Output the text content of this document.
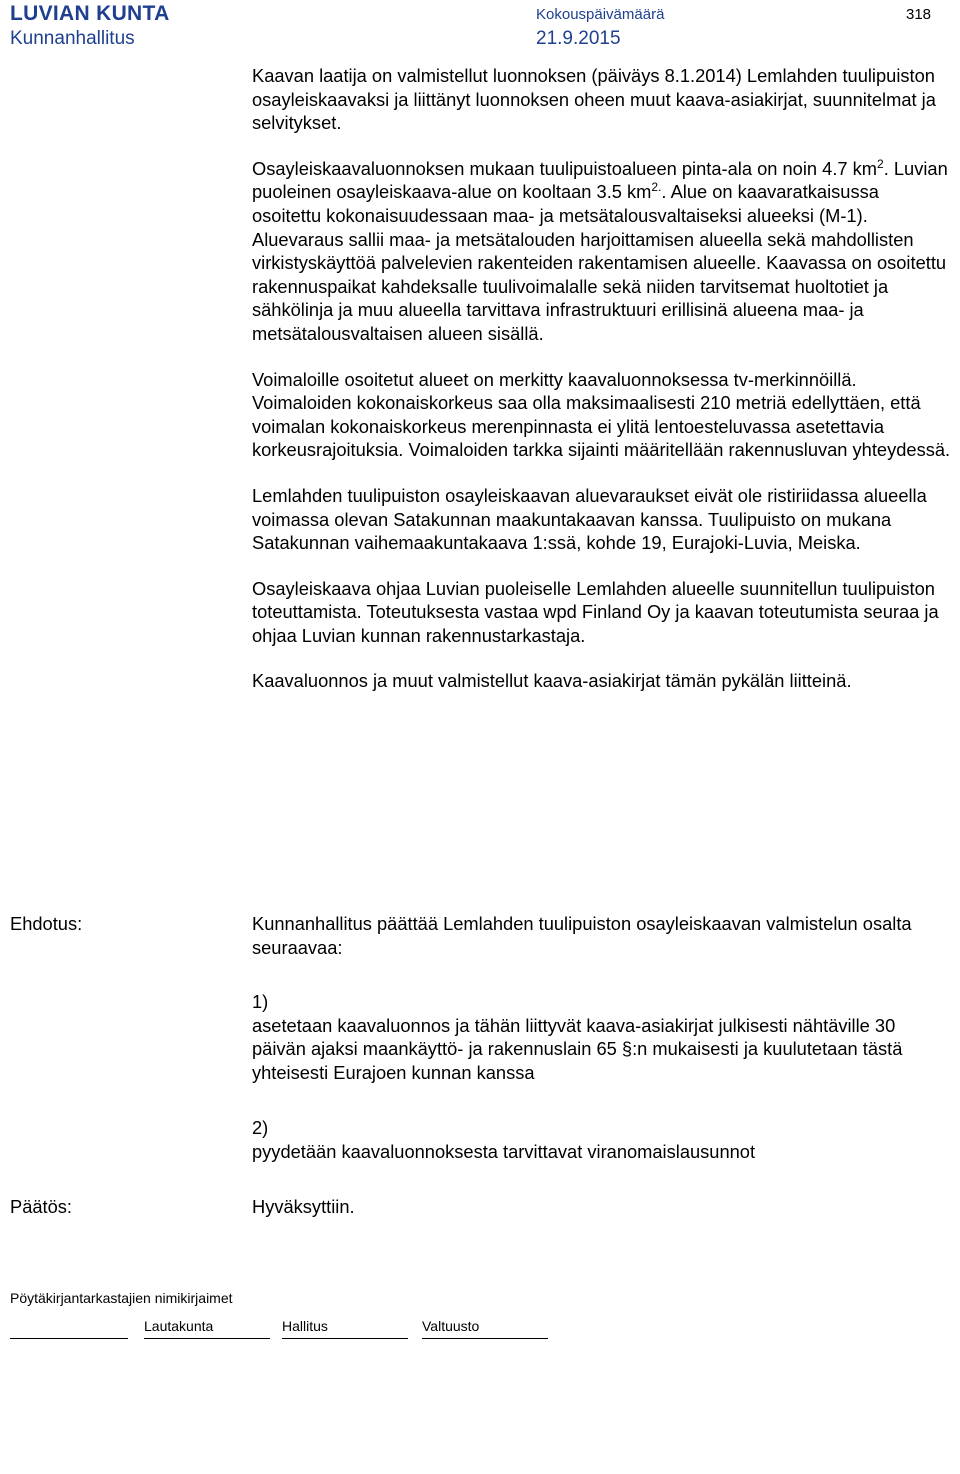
LUVIAN KUNTA
Kunnanhallitus
Kokouspäivämäärä
21.9.2015
318

Kaavan laatija on valmistellut luonnoksen (päiväys 8.1.2014) Lemlahden tuulipuiston osayleiskaavaksi ja liittänyt luonnoksen oheen muut kaava-asiakirjat, suunnitelmat ja selvitykset.

Osayleiskaavaluonnoksen mukaan tuulipuistoalueen pinta-ala on noin 4.7 $km^2$. Luvian puoleinen osayleiskaava-alue on kooltaan 3.5 $km^{2.}$. Alue on kaavaratkaisussa osoitettu kokonaisuudessaan maa- ja metsätalousvaltaiseksi alueeksi (M-1). Aluevaraus sallii maa- ja metsätalouden harjoittamisen alueella sekä mahdollisten virkistyskäyttöä palvelevien rakenteiden rakentamisen alueelle. Kaavassa on osoitettu rakennuspaikat kahdeksalle tuulivoimalalle sekä niiden tarvitsemat huoltotiet ja sähkölinja ja muu alueella tarvittava infrastruktuuri erillisinä alueena maa- ja metsätalousvaltaisen alueen sisällä.

Voimaloille osoitetut alueet on merkitty kaavaluonnoksessa tv-merkinnöillä. Voimaloiden kokonaiskorkeus saa olla maksimaalisesti 210 metriä edellyttäen, että voimalan kokonaiskorkeus merenpinnasta ei ylitä lentoesteluvassa asetettavia korkeusrajoituksia. Voimaloiden tarkka sijainti määritellään rakennusluvan yhteydessä.

Lemlahden tuulipuiston osayleiskaavan aluevaraukset eivät ole ristiriidassa alueella voimassa olevan Satakunnan maakuntakaavan kanssa. Tuulipuisto on mukana Satakunnan vaihemaakuntakaava 1:ssä, kohde 19, Eurajoki-Luvia, Meiska.

Osayleiskaava ohjaa Luvian puoleiselle Lemlahden alueelle suunnitellun tuulipuiston toteuttamista. Toteutuksesta vastaa wpd Finland Oy ja kaavan toteutumista seuraa ja ohjaa Luvian kunnan rakennustarkastaja.

Kaavaluonnos ja muut valmistellut kaava-asiakirjat tämän pykälän liitteinä.

Ehdotus:	Kunnanhallitus päättää Lemlahden tuulipuiston osayleiskaavan valmistelun osalta seuraavaa:

1)

asetetaan kaavaluonnos ja tähän liittyvät kaava-asiakirjat julkisesti nähtäville 30 päivän ajaksi maankäyttö- ja rakennuslain 65 §:n mukaisesti ja kuulutetaan tästä yhteisesti Eurajoen kunnan kanssa

2)

pyydetään kaavaluonnoksesta tarvittavat viranomaislausunnot

Päätös:	Hyväksyttiin.

Pöytäkirjantarkastajien nimikirjaimet
Lautakunta	Hallitus	Valtuusto
